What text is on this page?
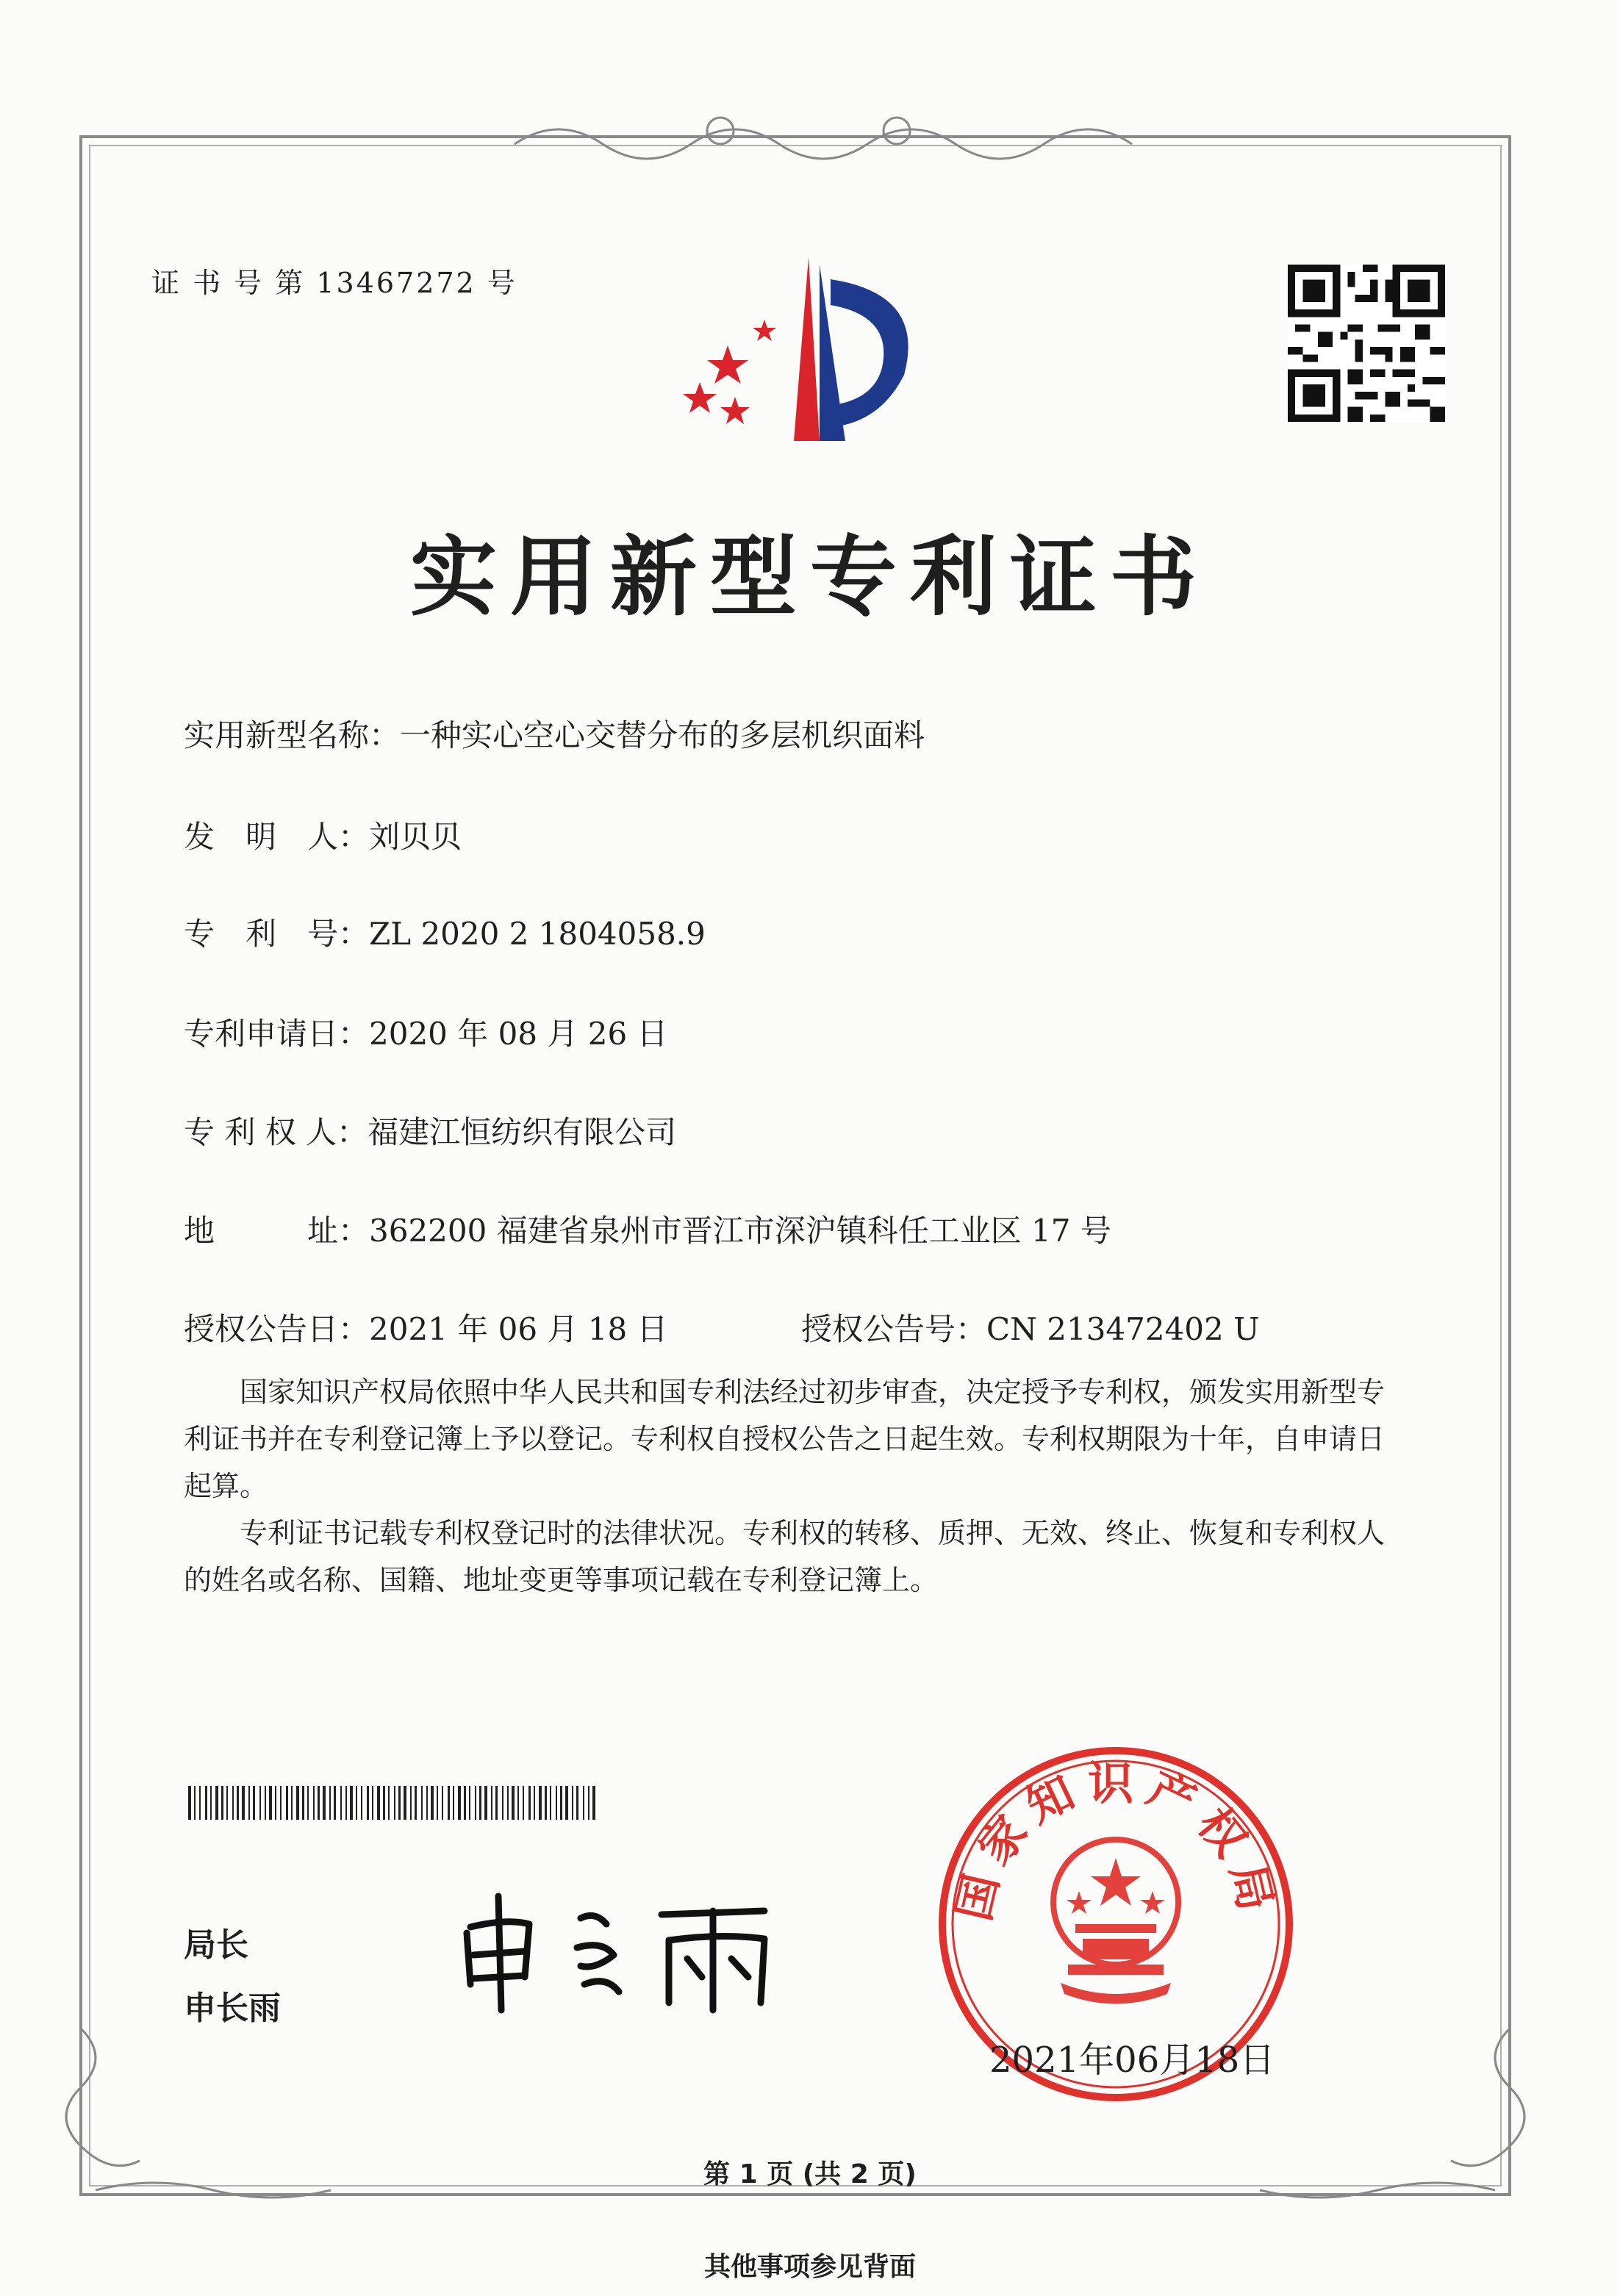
证 书 号 第 13467272 号
实用新型专利证书
实用新型名称：一种实心空心交替分布的多层机织面料
发　明　人：刘贝贝
专　利　号：ZL 2020 2 1804058.9
专利申请日：2020 年 08 月 26 日
专 利 权 人：福建江恒纺织有限公司
地　　　址：362200 福建省泉州市晋江市深沪镇科任工业区 17 号
授权公告日：2021 年 06 月 18 日	授权公告号：CN 213472402 U

国家知识产权局依照中华人民共和国专利法经过初步审查，决定授予专利权，颁发实用新型专利证书并在专利登记簿上予以登记。专利权自授权公告之日起生效。专利权期限为十年，自申请日起算。

专利证书记载专利权登记时的法律状况。专利权的转移、质押、无效、终止、恢复和专利权人的姓名或名称、国籍、地址变更等事项记载在专利登记簿上。

局长
申长雨
国家知识产权局
2021年06月18日
第 1 页 (共 2 页)
其他事项参见背面
